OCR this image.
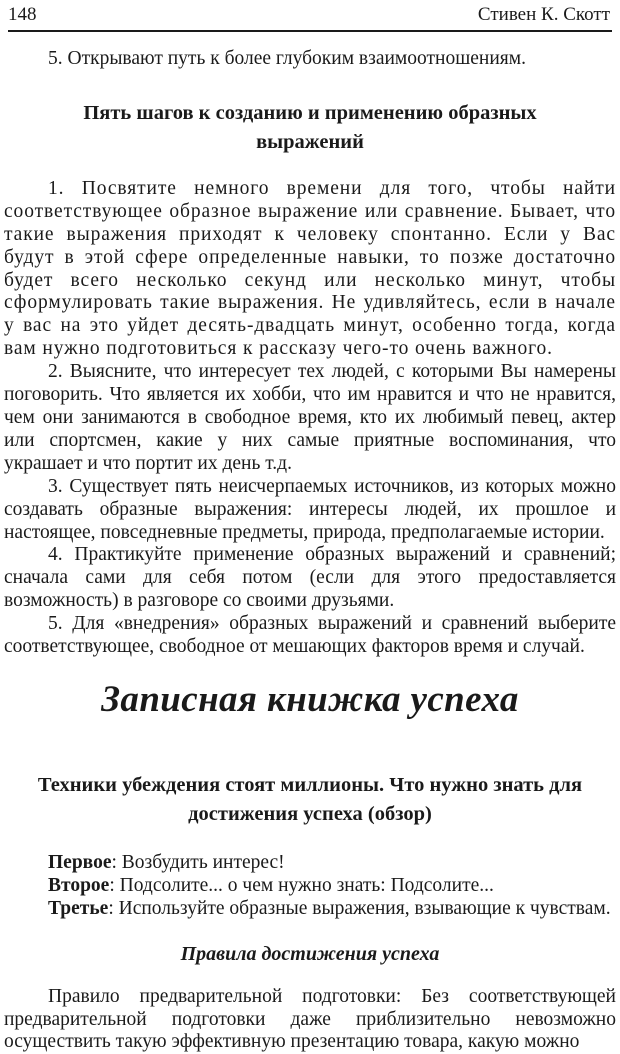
148	Стивен К. Скотт

5. Открывают путь к более глубоким взаимоотношениям.

Пять шагов к созданию и применению образных выражений

1. Посвятите немного времени для того, чтобы найти соответствующее образное выражение или сравнение. Бывает, что такие выражения приходят к человеку спонтанно. Если у Вас будут в этой сфере определенные навыки, то позже достаточно будет всего несколько секунд или несколько минут, чтобы сформулировать такие выражения. Не удивляйтесь, если в начале у вас на это уйдет десять-двадцать минут, особенно тогда, когда вам нужно подготовиться к рассказу чего-то очень важного.

2. Выясните, что интересует тех людей, с которыми Вы намерены поговорить. Что является их хобби, что им нравится и что не нравится, чем они занимаются в свободное время, кто их любимый певец, актер или спортсмен, какие у них самые приятные воспоминания, что украшает и что портит их день т.д.

3. Существует пять неисчерпаемых источников, из которых можно создавать образные выражения: интересы людей, их прошлое и настоящее, повседневные предметы, природа, предполагаемые истории.

4. Практикуйте применение образных выражений и сравнений; сначала сами для себя потом (если для этого предоставляется возможность) в разговоре со своими друзьями.

5. Для «внедрения» образных выражений и сравнений выберите соответствующее, свободное от мешающих факторов время и случай.

Записная книжка успеха
Техники убеждения стоят миллионы. Что нужно знать для достижения успеха (обзор)

Первое: Возбудить интерес!

Второе: Подсолите... о чем нужно знать: Подсолите...

Третье: Используйте образные выражения, взывающие к чувствам.

Правила достижения успеха

Правило предварительной подготовки: Без соответствующей предварительной подготовки даже приблизительно невозможно осуществить такую эффективную презентацию товара, какую можно
